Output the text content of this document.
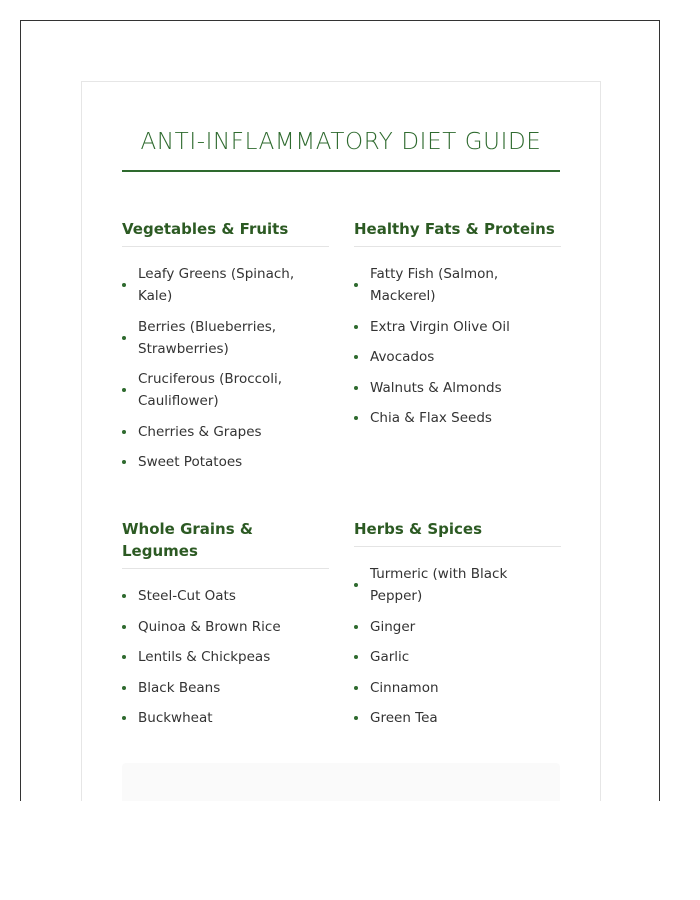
ANTI-INFLAMMATORY DIET GUIDE
Vegetables & Fruits
Leafy Greens (Spinach, Kale)
Berries (Blueberries, Strawberries)
Cruciferous (Broccoli, Cauliflower)
Cherries & Grapes
Sweet Potatoes
Healthy Fats & Proteins
Fatty Fish (Salmon, Mackerel)
Extra Virgin Olive Oil
Avocados
Walnuts & Almonds
Chia & Flax Seeds
Whole Grains & Legumes
Steel-Cut Oats
Quinoa & Brown Rice
Lentils & Chickpeas
Black Beans
Buckwheat
Herbs & Spices
Turmeric (with Black Pepper)
Ginger
Garlic
Cinnamon
Green Tea
